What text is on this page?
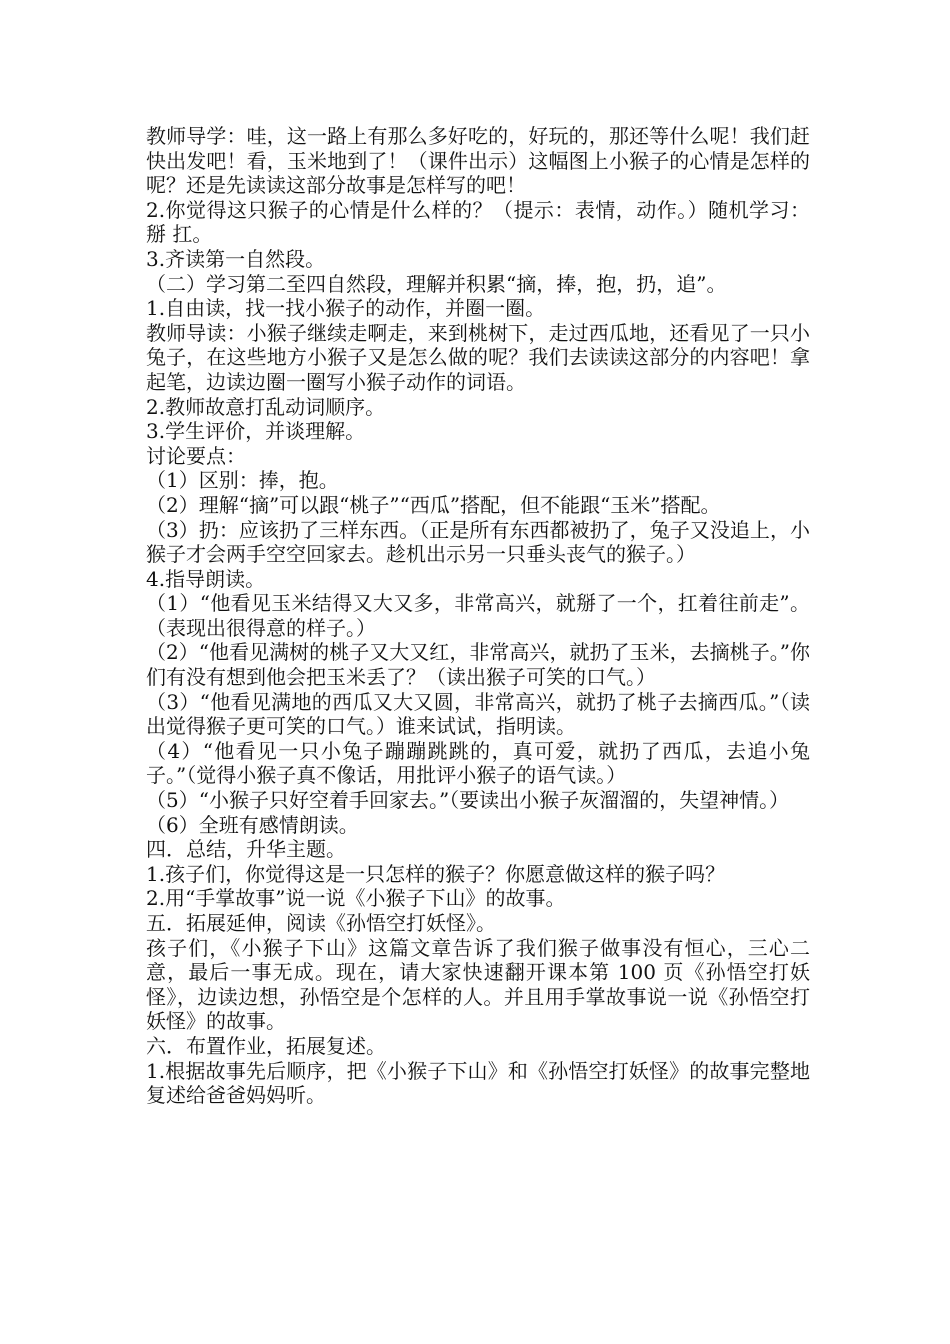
教师导学：哇，这一路上有那么多好吃的，好玩的，那还等什么呢！我们赶快出发吧！看，玉米地到了！（课件出示）这幅图上小猴子的心情是怎样的呢？还是先读读这部分故事是怎样写的吧！

2.你觉得这只猴子的心情是什么样的？（提示：表情，动作。）随机学习：掰 扛。

3.齐读第一自然段。

（二）学习第二至四自然段，理解并积累“摘，捧，抱，扔，追”。

1.自由读，找一找小猴子的动作，并圈一圈。

教师导读：小猴子继续走啊走，来到桃树下，走过西瓜地，还看见了一只小兔子，在这些地方小猴子又是怎么做的呢？我们去读读这部分的内容吧！拿起笔，边读边圈一圈写小猴子动作的词语。

2.教师故意打乱动词顺序。

3.学生评价，并谈理解。

讨论要点：

（1）区别：捧，抱。

（2）理解“摘”可以跟“桃子”“西瓜”搭配，但不能跟“玉米”搭配。

（3）扔：应该扔了三样东西。（正是所有东西都被扔了，兔子又没追上，小猴子才会两手空空回家去。趁机出示另一只垂头丧气的猴子。）

4.指导朗读。

（1）“他看见玉米结得又大又多，非常高兴，就掰了一个，扛着往前走”。（表现出很得意的样子。）

（2）“他看见满树的桃子又大又红，非常高兴，就扔了玉米，去摘桃子。”你们有没有想到他会把玉米丢了？（读出猴子可笑的口气。）

（3）“他看见满地的西瓜又大又圆，非常高兴，就扔了桃子去摘西瓜。”（读出觉得猴子更可笑的口气。）谁来试试，指明读。

（4）“他看见一只小兔子蹦蹦跳跳的，真可爱，就扔了西瓜，去追小兔子。”（觉得小猴子真不像话，用批评小猴子的语气读。）

（5）“小猴子只好空着手回家去。”（要读出小猴子灰溜溜的，失望神情。）

（6）全班有感情朗读。

四．总结，升华主题。

1.孩子们，你觉得这是一只怎样的猴子？你愿意做这样的猴子吗？

2.用“手掌故事”说一说《小猴子下山》的故事。

五．拓展延伸，阅读《孙悟空打妖怪》。

孩子们，《小猴子下山》这篇文章告诉了我们猴子做事没有恒心，三心二意，最后一事无成。现在，请大家快速翻开课本第 100 页《孙悟空打妖怪》，边读边想，孙悟空是个怎样的人。并且用手掌故事说一说《孙悟空打妖怪》的故事。

六．布置作业，拓展复述。

1.根据故事先后顺序，把《小猴子下山》和《孙悟空打妖怪》的故事完整地复述给爸爸妈妈听。
